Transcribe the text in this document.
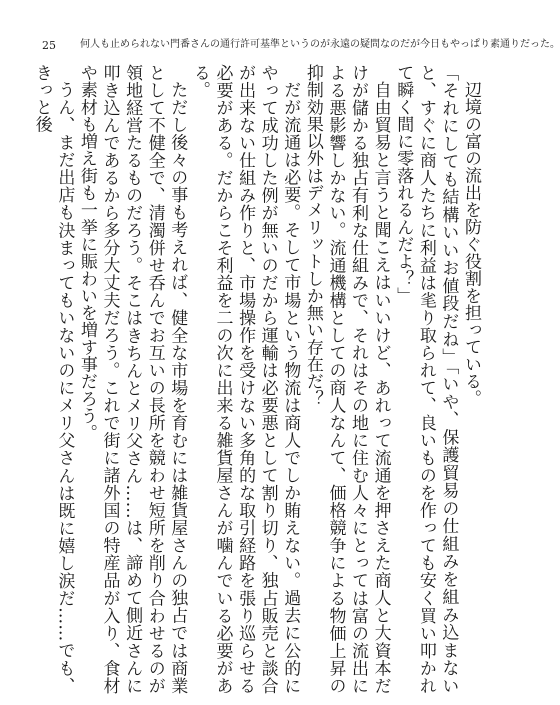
25 何人も止められない門番さんの通行許可基準というのが永遠の疑問なのだが今日もやっぱり素通りだった。

辺境の富の流出を防ぐ役割を担っている。

「それにしても結構いいお値段だね」「いや、保護貿易の仕組みを組み込まないと、すぐに商人たちに利益は毟り取られて、良いものを作っても安く買い叩かれて瞬く間に零落れるんだよ？」

自由貿易と言うと聞こえはいいけど、あれって流通を押さえた商人と大資本だけが儲かる独占有利な仕組みで、それはその地に住む人々にとっては富の流出による悪影響しかない。流通機構としての商人なんて、価格競争による物価上昇の抑制効果以外はデメリットしか無い存在だ？

だが流通は必要。そして市場という物流は商人でしか賄えない。過去に公的にやって成功した例が無いのだから運輸は必要悪として割り切り、独占販売と談合が出来ない仕組み作りと、市場操作を受けない多角的な取引経路を張り巡らせる必要がある。だからこそ利益を二の次に出来る雑貨屋さんが噛んでいる必要がある。

ただし後々の事も考えれば、健全な市場を育むには雑貨屋さんの独占では商業として不健全で、清濁併せ呑んでお互いの長所を競わせ短所を削り合わせるのが領地経営たるものだろう。そこはきちんとメリ父さん……は、諦めて側近さんに叩き込んであるから多分大丈夫だろう。これで街に諸外国の特産品が入り、食材や素材も増え街も一挙に賑わいを増す事だろう。

うん、まだ出店も決まってもいないのにメリ父さんは既に嬉し涙だ……でも、きっと後
